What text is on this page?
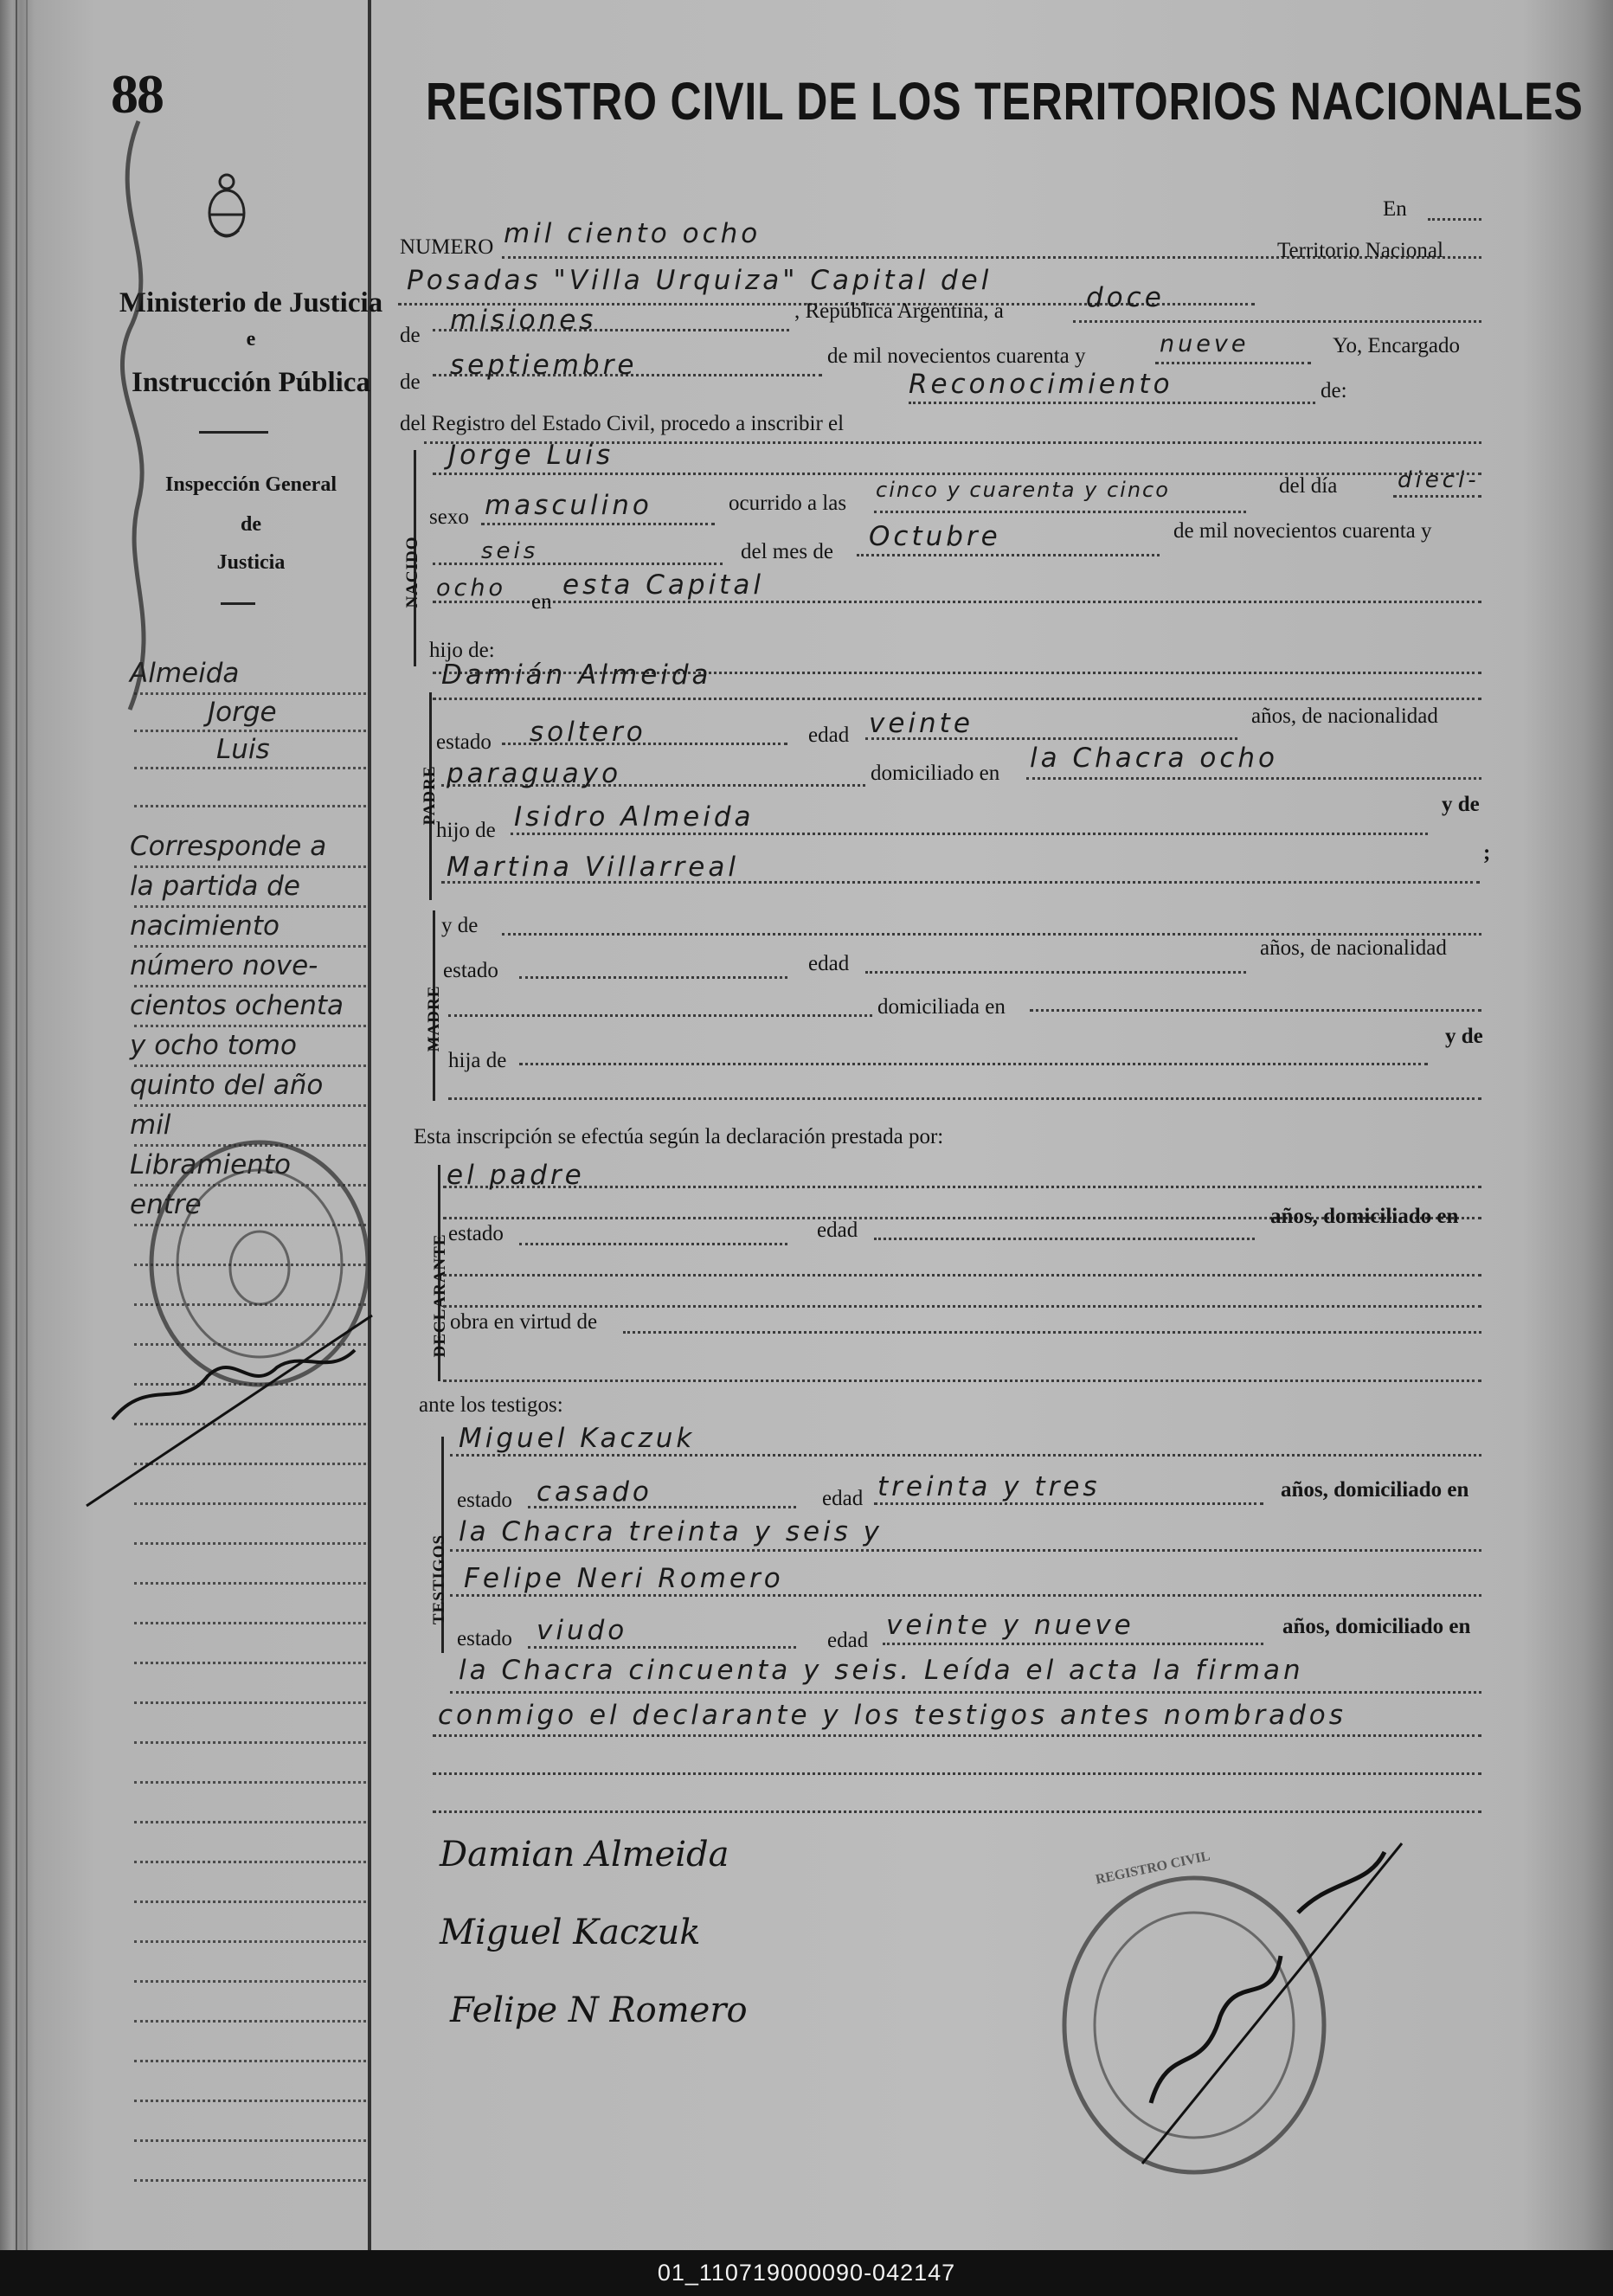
88
Ministerio de Justicia
e
Instrucción Pública
Inspección General
de
Justicia
Almeida
Jorge
Luis
Corresponde a
la partida de
nacimiento
número nove-
cientos ochenta
y ocho tomo
quinto del año
mil
Libramiento
entre
REGISTRO CIVIL DE LOS TERRITORIOS NACIONALES
En
NUMERO mil ciento ocho
Posadas "Villa Urquiza" Capital del
Territorio Nacional
de misiones	, República Argentina, a	doce
de
septiembre	de mil novecientos cuarenta y	nueve	Yo, Encargado
del Registro del Estado Civil, procedo a inscribir el
Reconocimiento	de:
NACIDO
Jorge Luis
sexo masculino	ocurrido a las
cinco y cuarenta y cinco	del día	dieci-
seis	del mes de Octubre	de mil novecientos cuarenta y
ocho
en
esta Capital
hijo de:
Damián Almeida
PADRE
estado soltero	edad veinte	años, de nacionalidad
paraguayo	domiciliado en la Chacra ocho
hijo de Isidro Almeida	y de
Martina Villarreal	;
MADRE
y de
estado	edad
años, de nacionalidad
domiciliada en
hija de
y de
Esta inscripción se efectúa según la declaración prestada por:
DECLARANTE
el padre
estado	edad
años, domiciliado en
obra en virtud de
ante los testigos:
TESTIGOS
Miguel Kaczuk
estado casado	edad treinta y tres	años, domiciliado en
la Chacra treinta y seis y
Felipe Neri Romero
estado viudo	edad veinte y nueve	años, domiciliado en
la Chacra cincuenta y seis. Leída el acta la firman
conmigo el declarante y los testigos antes nombrados
Damian Almeida
Miguel Kaczuk
Felipe N Romero
REGISTRO CIVIL
01_110719000090-042147
